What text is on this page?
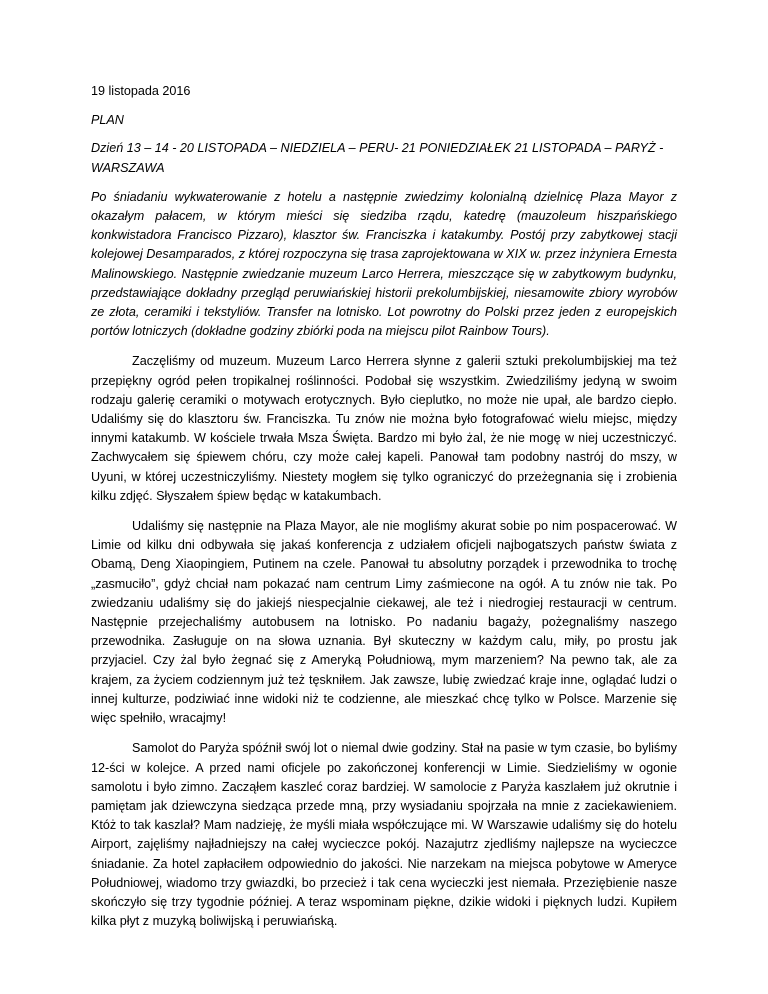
19 listopada 2016

PLAN

Dzień 13 – 14 - 20 LISTOPADA – NIEDZIELA – PERU- 21 PONIEDZIAŁEK 21 LISTOPADA – PARYŻ - WARSZAWA

Po śniadaniu wykwaterowanie z hotelu a następnie zwiedzimy kolonialną dzielnicę Plaza Mayor z okazałym pałacem, w którym mieści się siedziba rządu, katedrę (mauzoleum hiszpańskiego konkwistadora Francisco Pizzaro), klasztor św. Franciszka i katakumby. Postój przy zabytkowej stacji kolejowej Desamparados, z której rozpoczyna się trasa zaprojektowana w XIX w. przez inżyniera Ernesta Malinowskiego. Następnie zwiedzanie muzeum Larco Herrera, mieszczące się w zabytkowym budynku, przedstawiające dokładny przegląd peruwiańskiej historii prekolumbijskiej, niesamowite zbiory wyrobów ze złota, ceramiki i tekstyliów. Transfer na lotnisko. Lot powrotny do Polski przez jeden z europejskich portów lotniczych (dokładne godziny zbiórki poda na miejscu pilot Rainbow Tours).

Zaczęliśmy od muzeum. Muzeum Larco Herrera słynne z galerii sztuki prekolumbijskiej ma też przepiękny ogród pełen tropikalnej roślinności. Podobał się wszystkim. Zwiedziliśmy jedyną w swoim rodzaju galerię ceramiki o motywach erotycznych. Było cieplutko, no może nie upał, ale bardzo ciepło. Udaliśmy się do klasztoru św. Franciszka. Tu znów nie można było fotografować wielu miejsc, między innymi katakumb. W kościele trwała Msza Święta. Bardzo mi było żal, że nie mogę w niej uczestniczyć. Zachwycałem się śpiewem chóru, czy może całej kapeli. Panował tam podobny nastrój do mszy, w Uyuni, w której uczestniczyliśmy. Niestety mogłem się tylko ograniczyć do przeżegnania się i zrobienia kilku zdjęć. Słyszałem śpiew będąc w katakumbach.

Udaliśmy się następnie na Plaza Mayor, ale nie mogliśmy akurat sobie po nim pospacerować. W Limie od kilku dni odbywała się jakaś konferencja z udziałem oficjeli najbogatszych państw świata z Obamą, Deng Xiaopingiem, Putinem na czele. Panował tu absolutny porządek i przewodnika to trochę „zasmuciło”, gdyż chciał nam pokazać nam centrum Limy zaśmiecone na ogół. A tu znów nie tak. Po zwiedzaniu udaliśmy się do jakiejś niespecjalnie ciekawej, ale też i niedrogiej restauracji w centrum. Następnie przejechaliśmy autobusem na lotnisko. Po nadaniu bagaży, pożegnaliśmy naszego przewodnika. Zasługuje on na słowa uznania. Był skuteczny w każdym calu, miły, po prostu jak przyjaciel. Czy żal było żegnać się z Ameryką Południową, mym marzeniem? Na pewno tak, ale za krajem, za życiem codziennym już też tęskniłem. Jak zawsze, lubię zwiedzać kraje inne, oglądać ludzi o innej kulturze, podziwiać inne widoki niż te codzienne, ale mieszkać chcę tylko w Polsce. Marzenie się więc spełniło, wracajmy!

Samolot do Paryża spóźnił swój lot o niemal dwie godziny. Stał na pasie w tym czasie, bo byliśmy 12-ści w kolejce. A przed nami oficjele po zakończonej konferencji w Limie. Siedzieliśmy w ogonie samolotu i było zimno. Zacząłem kaszleć coraz bardziej. W samolocie z Paryża kaszlałem już okrutnie i pamiętam jak dziewczyna siedząca przede mną, przy wysiadaniu spojrzała na mnie z zaciekawieniem. Któż to tak kaszlał? Mam nadzieję, że myśli miała współczujące mi. W Warszawie udaliśmy się do hotelu Airport, zajęliśmy najładniejszy na całej wycieczce pokój. Nazajutrz zjedliśmy najlepsze na wycieczce śniadanie. Za hotel zapłaciłem odpowiednio do jakości. Nie narzekam na miejsca pobytowe w Ameryce Południowej, wiadomo trzy gwiazdki, bo przecież i tak cena wycieczki jest niemała. Przeziębienie nasze skończyło się trzy tygodnie później. A teraz wspominam piękne, dzikie widoki i pięknych ludzi. Kupiłem kilka płyt z muzyką boliwijską i peruwiańską.
